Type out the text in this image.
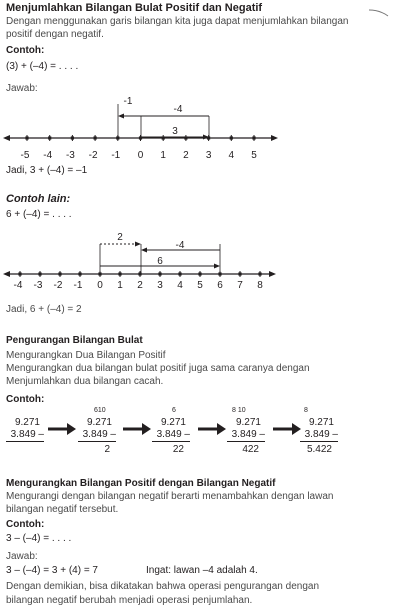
Menjumlahkan Bilangan Bulat Positif dan Negatif
Dengan menggunakan garis bilangan kita juga dapat menjumlahkan bilangan
positif dengan negatif.
Contoh:
(3) + (–4) = . . . .
Jawab:
-5 -4 -3 -2 -1 0 1 2 3 4 5
3
-4
-1
Jadi, 3 + (–4) = –1
Contoh lain:
6 + (–4) = . . . .
-4 -3 -2 -1 0 1 2 3 4 5 6 7 8
6
-4
2
Jadi, 6 + (–4) = 2
Pengurangan Bilangan Bulat
Mengurangkan Dua Bilangan Positif
Mengurangkan dua bilangan bulat positif juga sama caranya dengan
Menjumlahkan dua bilangan cacah.
Contoh:
9.271
3.849 –
610
9.271
3.849 –
2
6
9.271
3.849 –
22
8 10
9.271
3.849 –
422
8
9.271
3.849 –
5.422
Mengurangkan Bilangan Positif dengan Bilangan Negatif
Mengurangi dengan bilangan negatif berarti menambahkan dengan lawan
bilangan negatif tersebut.
Contoh:
3 – (–4) = . . . .
Jawab:
3 – (–4) = 3 + (4) = 7	Ingat: lawan –4 adalah 4.
Dengan demikian, bisa dikatakan bahwa operasi pengurangan dengan
bilangan negatif berubah menjadi operasi penjumlahan.
